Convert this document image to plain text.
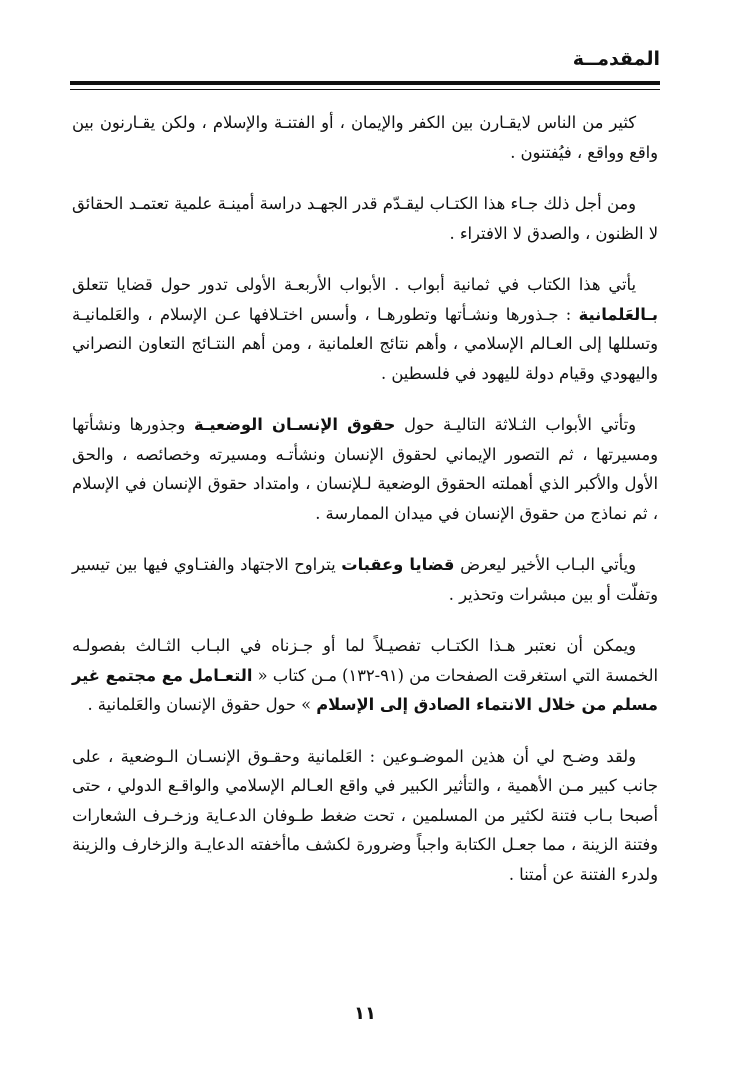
المقدمــة

كثير من الناس لايقـارن بين الكفر والإيمان ، أو الفتنـة والإسلام ، ولكن يقـارنون بين واقع وواقع ، فيُفتنون .

ومن أجل ذلك جـاء هذا الكتـاب ليقـدّم قدر الجهـد دراسة أمينـة علمية تعتمـد الحقائق لا الظنون ، والصدق لا الافتراء .

يأتي هذا الكتاب في ثمانية أبواب . الأبواب الأربعـة الأولى تدور حول قضايا تتعلق بـالعَلمانية : جـذورها ونشـأتها وتطورهـا ، وأسس اختـلافها عـن الإسلام ، والعَلمانيـة وتسللها إلى العـالم الإسلامي ، وأهم نتائج العلمانية ، ومن أهم النتـائج التعاون النصراني واليهودي وقيام دولة لليهود في فلسطين .

وتأتي الأبواب الثـلاثة التاليـة حول حقوق الإنسـان الوضعيـة وجذورها ونشأتها ومسيرتها ، ثم التصور الإيماني لحقوق الإنسان ونشأتـه ومسيرته وخصائصه ، والحق الأول والأكبر الذي أهملته الحقوق الوضعية لـلإنسان ، وامتداد حقوق الإنسان في الإسلام ، ثم نماذج من حقوق الإنسان في ميدان الممارسة .

ويأتي البـاب الأخير ليعرض قضايا وعقبات يتراوح الاجتهاد والفتـاوي فيها بين تيسير وتفلّت أو بين مبشرات وتحذير .

ويمكن أن نعتبر هـذا الكتـاب تفصيـلاً لما أو جـزناه في البـاب الثـالث بفصولـه الخمسة التي استغرقت الصفحات من (٩١-١٣٢) مـن كتاب « التعـامل مع مجتمع غير مسلم من خلال الانتماء الصادق إلى الإسلام » حول حقوق الإنسان والعَلمانية .

ولقد وضـح لي أن هذين الموضـوعين : العَلمانية وحقـوق الإنسـان الـوضعية ، على جانب كبير مـن الأهمية ، والتأثير الكبير في واقع العـالم الإسلامي والواقـع الدولي ، حتى أصبحا بـاب فتنة لكثير من المسلمين ، تحت ضغط طـوفان الدعـاية وزخـرف الشعارات وفتنة الزينة ، مما جعـل الكتابة واجباً وضرورة لكشف ماأخفته الدعايـة والزخارف والزينة ولدرء الفتنة عن أمتنا .

١١
